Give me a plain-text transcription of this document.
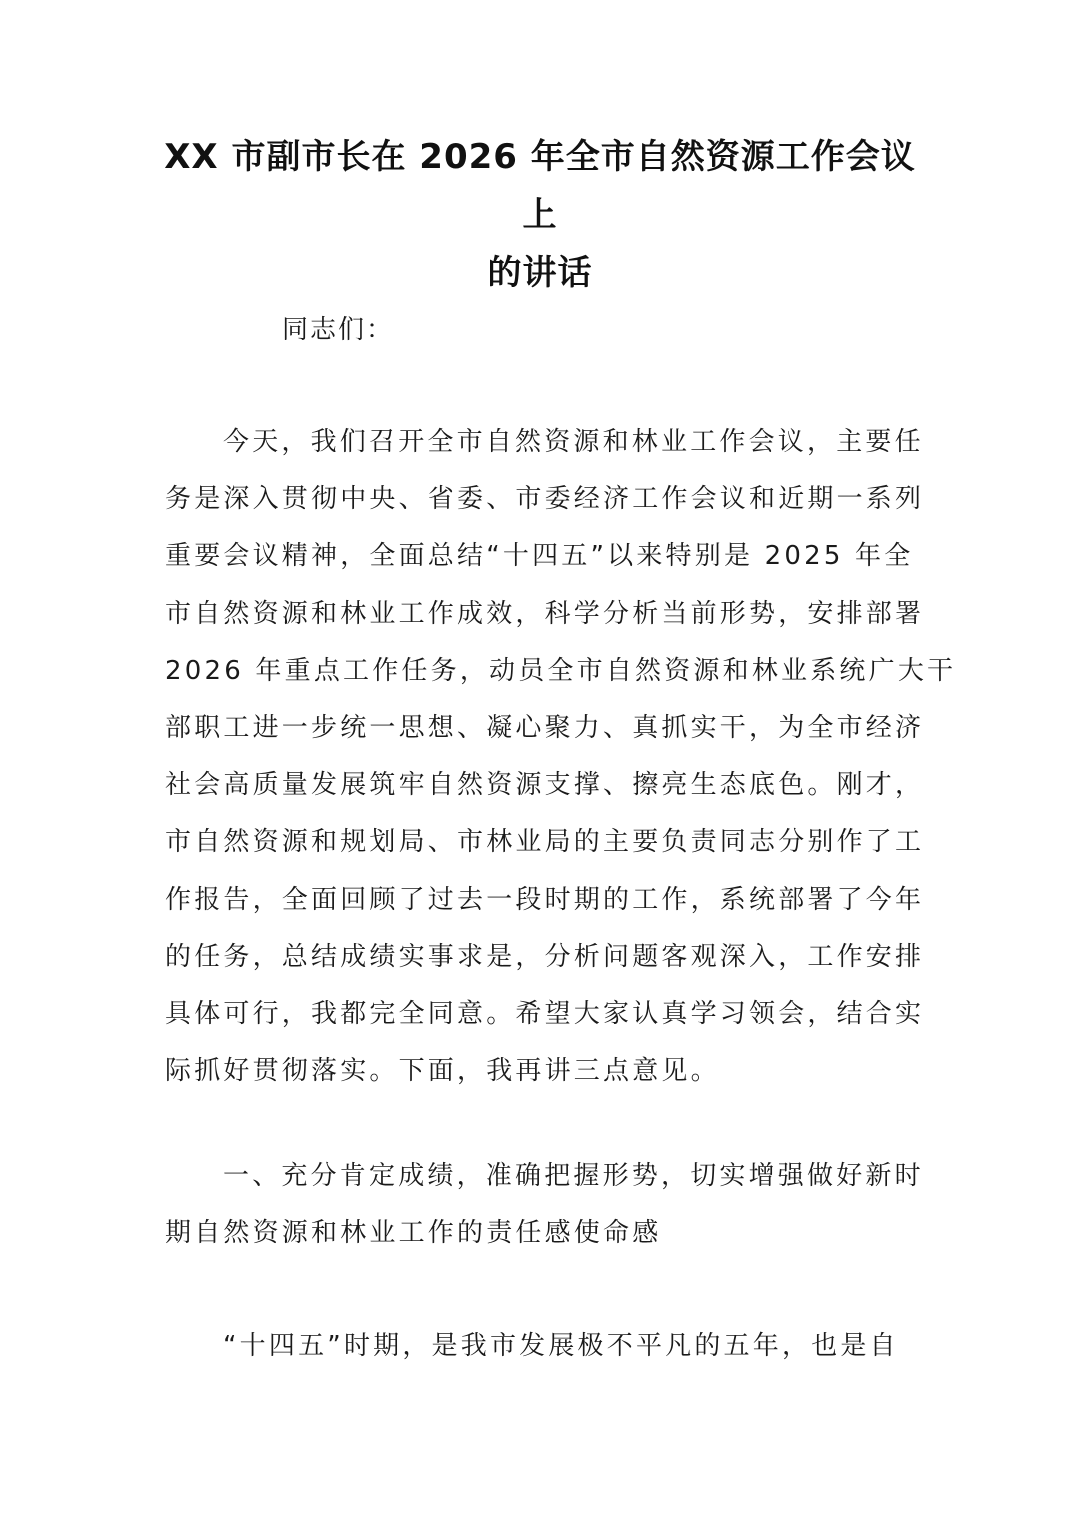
XX 市副市长在 2026 年全市自然资源工作会议上
的讲话
同志们：
今天，我们召开全市自然资源和林业工作会议，主要任
务是深入贯彻中央、省委、市委经济工作会议和近期一系列
重要会议精神，全面总结“十四五”以来特别是 2025 年全
市自然资源和林业工作成效，科学分析当前形势，安排部署
2026 年重点工作任务，动员全市自然资源和林业系统广大干
部职工进一步统一思想、凝心聚力、真抓实干，为全市经济
社会高质量发展筑牢自然资源支撑、擦亮生态底色。刚才，
市自然资源和规划局、市林业局的主要负责同志分别作了工
作报告，全面回顾了过去一段时期的工作，系统部署了今年
的任务，总结成绩实事求是，分析问题客观深入，工作安排
具体可行，我都完全同意。希望大家认真学习领会，结合实
际抓好贯彻落实。下面，我再讲三点意见。
一、充分肯定成绩，准确把握形势，切实增强做好新时
期自然资源和林业工作的责任感使命感
“十四五”时期，是我市发展极不平凡的五年，也是自
